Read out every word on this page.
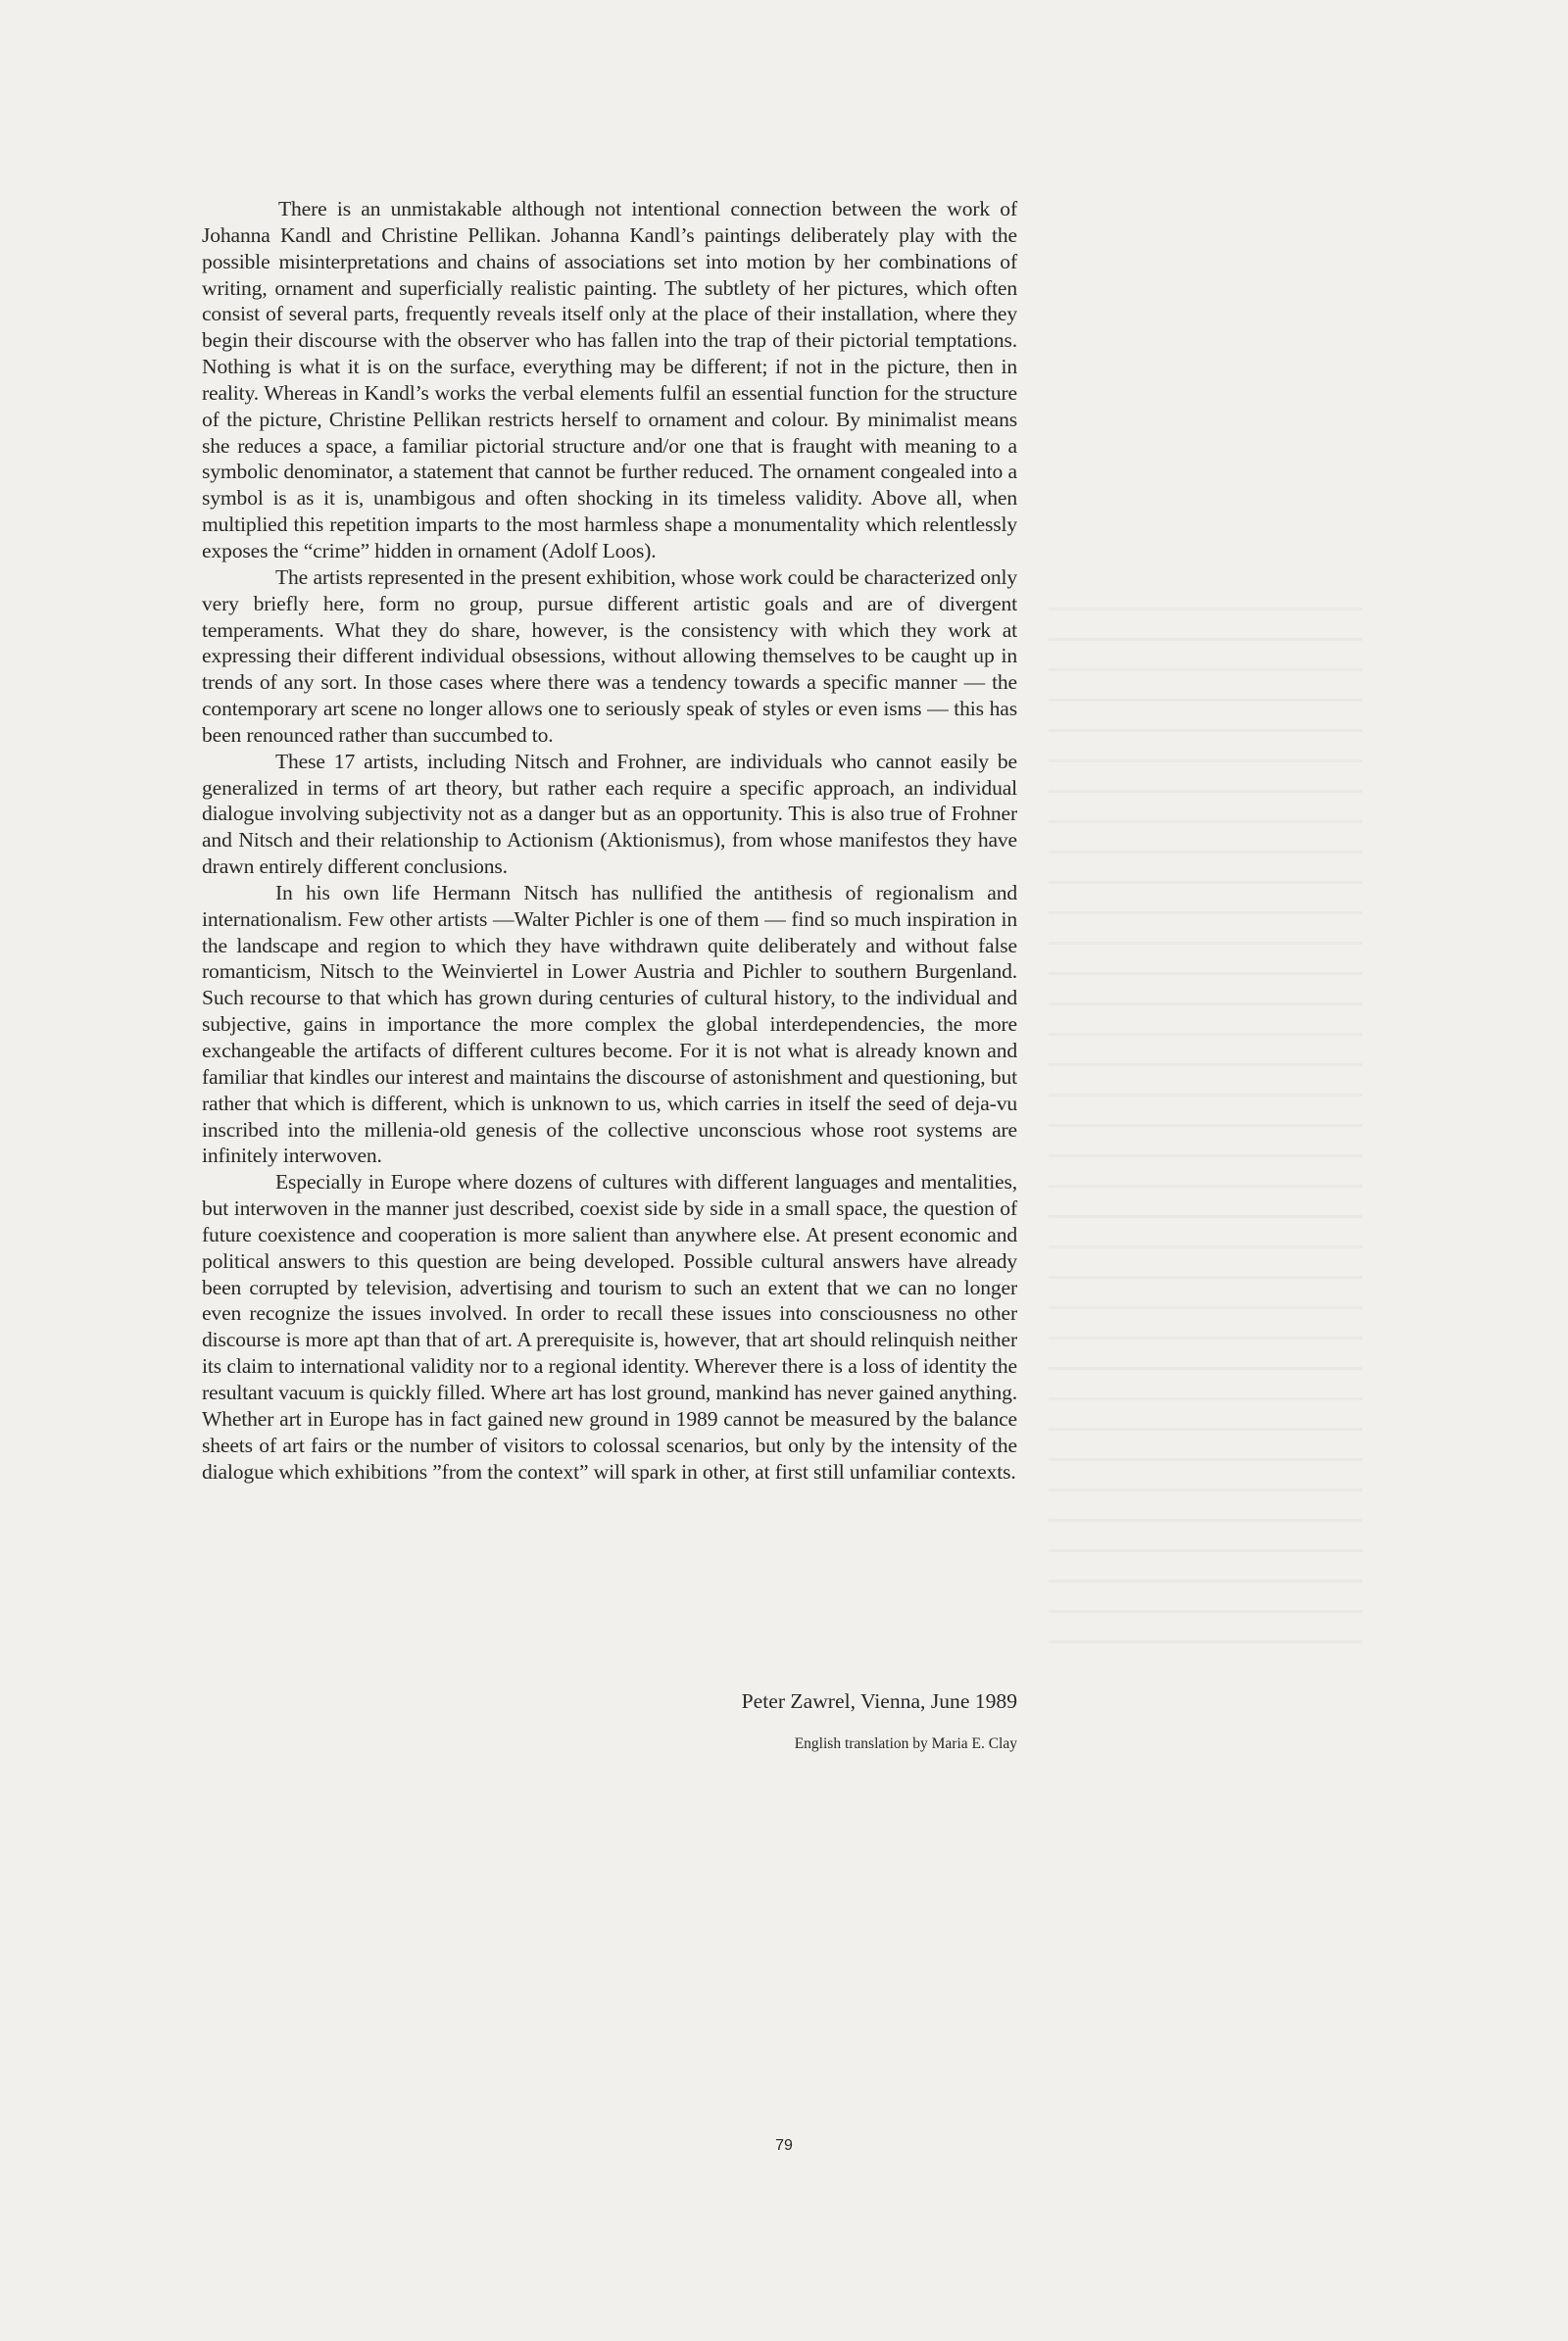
There is an unmistakable although not intentional connection between the work of Johanna Kandl and Christine Pellikan. Johanna Kandl’s paintings deliberately play with the possible misinterpretations and chains of associations set into motion by her combinations of writing, ornament and superficially realistic painting. The subtlety of her pictures, which often consist of several parts, frequently reveals itself only at the place of their installation, where they begin their discourse with the observer who has fallen into the trap of their pictorial temptations. Nothing is what it is on the surface, everything may be different; if not in the picture, then in reality. Whereas in Kandl’s works the verbal elements fulfil an essential function for the structure of the picture, Christine Pellikan restricts herself to ornament and colour. By minimalist means she reduces a space, a familiar pictorial structure and/or one that is fraught with meaning to a symbolic denominator, a statement that cannot be further reduced. The ornament congealed into a symbol is as it is, unambigous and often shocking in its timeless validity. Above all, when multiplied this repetition imparts to the most harmless shape a monumentality which relentlessly exposes the “crime” hidden in ornament (Adolf Loos).

The artists represented in the present exhibition, whose work could be characterized only very briefly here, form no group, pursue different artistic goals and are of divergent temperaments. What they do share, however, is the consistency with which they work at expressing their different individual obsessions, without allowing themselves to be caught up in trends of any sort. In those cases where there was a tendency towards a specific manner — the contemporary art scene no longer allows one to seriously speak of styles or even isms — this has been renounced rather than succumbed to.

These 17 artists, including Nitsch and Frohner, are individuals who cannot easily be generalized in terms of art theory, but rather each require a specific approach, an individual dialogue involving subjectivity not as a danger but as an opportunity. This is also true of Frohner and Nitsch and their relationship to Actionism (Aktionismus), from whose manifestos they have drawn entirely different conclusions.

In his own life Hermann Nitsch has nullified the antithesis of regionalism and internationalism. Few other artists —Walter Pichler is one of them — find so much inspiration in the landscape and region to which they have withdrawn quite deliberately and without false romanticism, Nitsch to the Weinviertel in Lower Austria and Pichler to southern Burgenland. Such recourse to that which has grown during centuries of cultural history, to the individual and subjective, gains in importance the more complex the global interdependencies, the more exchangeable the artifacts of different cultures become. For it is not what is already known and familiar that kindles our interest and maintains the discourse of astonishment and questioning, but rather that which is different, which is unknown to us, which carries in itself the seed of deja-vu inscribed into the millenia-old genesis of the collective unconscious whose root systems are infinitely interwoven.

Especially in Europe where dozens of cultures with different languages and mentalities, but interwoven in the manner just described, coexist side by side in a small space, the question of future coexistence and cooperation is more salient than anywhere else. At present economic and political answers to this question are being developed. Possible cultural answers have already been corrupted by television, advertising and tourism to such an extent that we can no longer even recognize the issues involved. In order to recall these issues into consciousness no other discourse is more apt than that of art. A prerequisite is, however, that art should relinquish neither its claim to international validity nor to a regional identity. Wherever there is a loss of identity the resultant vacuum is quickly filled. Where art has lost ground, mankind has never gained anything. Whether art in Europe has in fact gained new ground in 1989 cannot be measured by the balance sheets of art fairs or the number of visitors to colossal scenarios, but only by the intensity of the dialogue which exhibitions ”from the context” will spark in other, at first still unfamiliar contexts.

Peter Zawrel, Vienna, June 1989
English translation by Maria E. Clay
79
